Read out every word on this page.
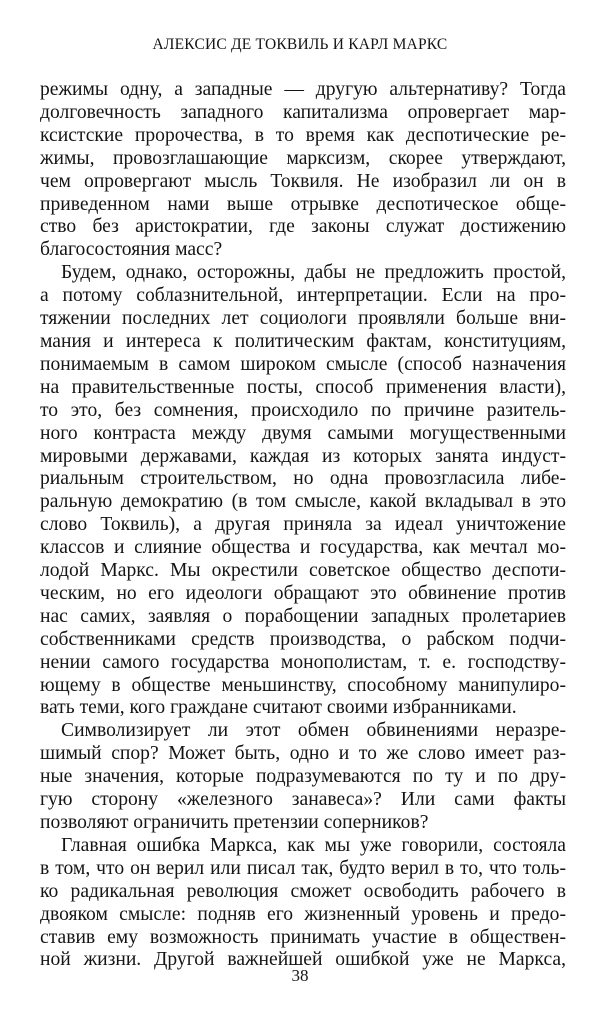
АЛЕКСИС ДЕ ТОКВИЛЬ И КАРЛ МАРКС
режимы одну, а западные — другую альтернативу? Тогда
долговечность западного капитализма опровергает мар-
ксистские пророчества, в то время как деспотические ре-
жимы, провозглашающие марксизм, скорее утверждают,
чем опровергают мысль Токвиля. Не изобразил ли он в
приведенном нами выше отрывке деспотическое обще-
ство без аристократии, где законы служат достижению
благосостояния масс?
Будем, однако, осторожны, дабы не предложить простой,
а потому соблазнительной, интерпретации. Если на про-
тяжении последних лет социологи проявляли больше вни-
мания и интереса к политическим фактам, конституциям,
понимаемым в самом широком смысле (способ назначения
на правительственные посты, способ применения власти),
то это, без сомнения, происходило по причине разитель-
ного контраста между двумя самыми могущественными
мировыми державами, каждая из которых занята индуст-
риальным строительством, но одна провозгласила либе-
ральную демократию (в том смысле, какой вкладывал в это
слово Токвиль), а другая приняла за идеал уничтожение
классов и слияние общества и государства, как мечтал мо-
лодой Маркс. Мы окрестили советское общество деспоти-
ческим, но его идеологи обращают это обвинение против
нас самих, заявляя о порабощении западных пролетариев
собственниками средств производства, о рабском подчи-
нении самого государства монополистам, т. е. господству-
ющему в обществе меньшинству, способному манипулиро-
вать теми, кого граждане считают своими избранниками.
Символизирует ли этот обмен обвинениями неразре-
шимый спор? Может быть, одно и то же слово имеет раз-
ные значения, которые подразумеваются по ту и по дру-
гую сторону «железного занавеса»? Или сами факты
позволяют ограничить претензии соперников?
Главная ошибка Маркса, как мы уже говорили, состояла
в том, что он верил или писал так, будто верил в то, что толь-
ко радикальная революция сможет освободить рабочего в
двояком смысле: подняв его жизненный уровень и предо-
ставив ему возможность принимать участие в обществен-
ной жизни. Другой важнейшей ошибкой уже не Маркса,
38
